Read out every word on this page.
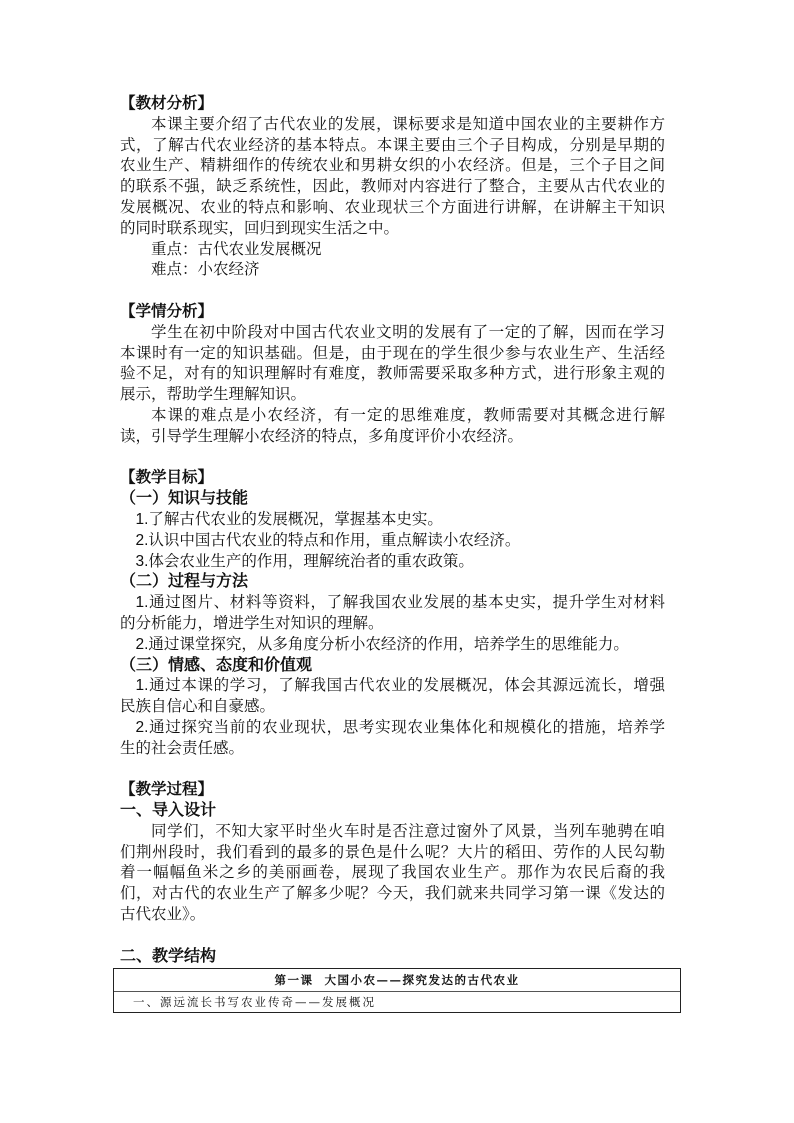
【教材分析】
本课主要介绍了古代农业的发展，课标要求是知道中国农业的主要耕作方
式，了解古代农业经济的基本特点。本课主要由三个子目构成，分别是早期的
农业生产、精耕细作的传统农业和男耕女织的小农经济。但是，三个子目之间
的联系不强，缺乏系统性，因此，教师对内容进行了整合，主要从古代农业的
发展概况、农业的特点和影响、农业现状三个方面进行讲解，在讲解主干知识
的同时联系现实，回归到现实生活之中。
重点：古代农业发展概况
难点：小农经济
【学情分析】
学生在初中阶段对中国古代农业文明的发展有了一定的了解，因而在学习
本课时有一定的知识基础。但是，由于现在的学生很少参与农业生产、生活经
验不足，对有的知识理解时有难度，教师需要采取多种方式，进行形象主观的
展示，帮助学生理解知识。
本课的难点是小农经济，有一定的思维难度，教师需要对其概念进行解
读，引导学生理解小农经济的特点，多角度评价小农经济。
【教学目标】
（一）知识与技能
1.了解古代农业的发展概况，掌握基本史实。
2.认识中国古代农业的特点和作用，重点解读小农经济。
3.体会农业生产的作用，理解统治者的重农政策。
（二）过程与方法
1.通过图片、材料等资料，了解我国农业发展的基本史实，提升学生对材料
的分析能力，增进学生对知识的理解。
2.通过课堂探究，从多角度分析小农经济的作用，培养学生的思维能力。
（三）情感、态度和价值观
1.通过本课的学习，了解我国古代农业的发展概况，体会其源远流长，增强
民族自信心和自豪感。
2.通过探究当前的农业现状，思考实现农业集体化和规模化的措施，培养学
生的社会责任感。
【教学过程】
一、导入设计
同学们，不知大家平时坐火车时是否注意过窗外了风景，当列车驰骋在咱
们荆州段时，我们看到的最多的景色是什么呢？大片的稻田、劳作的人民勾勒
着一幅幅鱼米之乡的美丽画卷，展现了我国农业生产。那作为农民后裔的我
们，对古代的农业生产了解多少呢？今天，我们就来共同学习第一课《发达的
古代农业》。
二、教学结构
第一课  大国小农——探究发达的古代农业
一、源远流长书写农业传奇——发展概况
